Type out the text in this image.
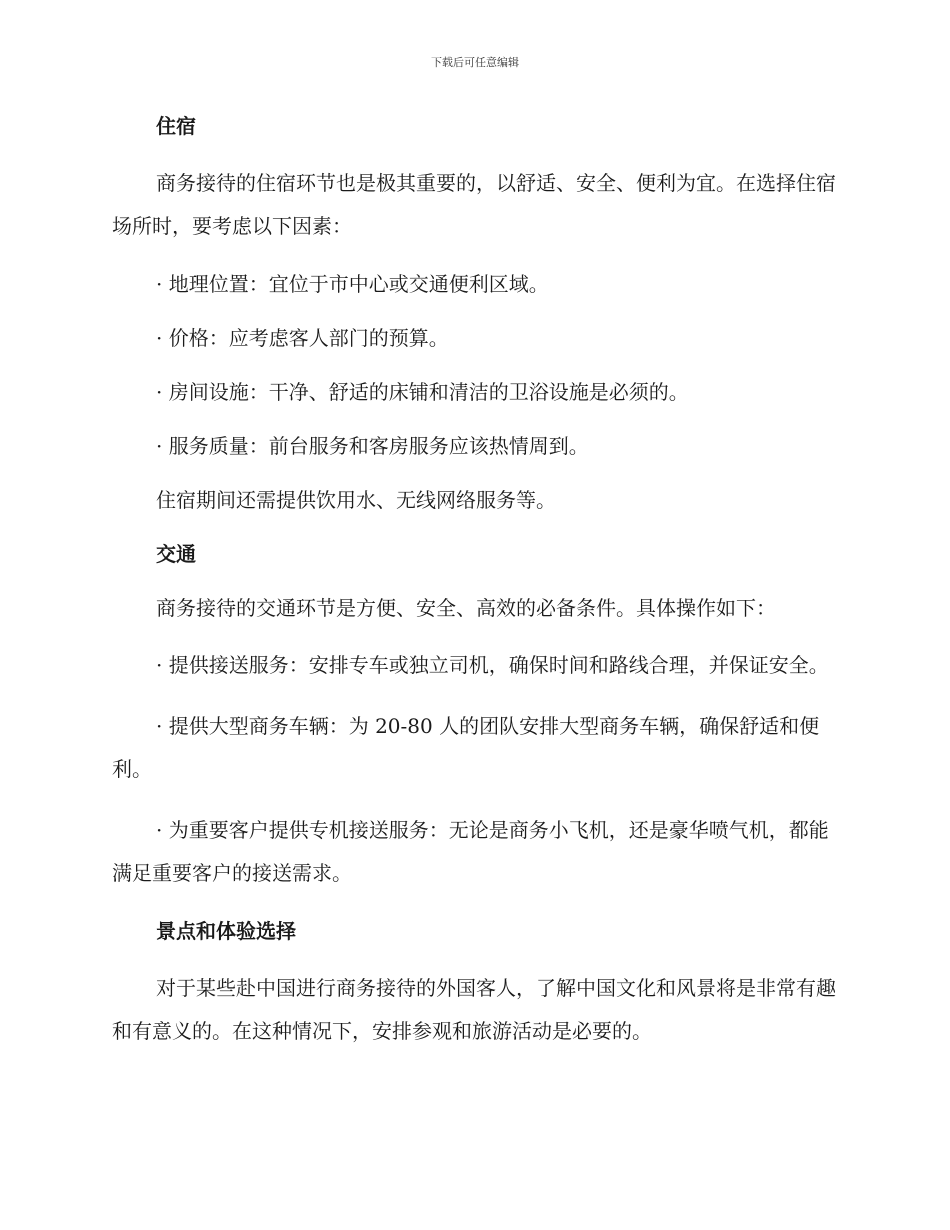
下载后可任意编辑
住宿

商务接待的住宿环节也是极其重要的，以舒适、安全、便利为宜。在选择住宿场所时，要考虑以下因素：

· 地理位置：宜位于市中心或交通便利区域。

· 价格：应考虑客人部门的预算。

· 房间设施：干净、舒适的床铺和清洁的卫浴设施是必须的。

· 服务质量：前台服务和客房服务应该热情周到。

住宿期间还需提供饮用水、无线网络服务等。

交通

商务接待的交通环节是方便、安全、高效的必备条件。具体操作如下：

· 提供接送服务：安排专车或独立司机，确保时间和路线合理，并保证安全。

· 提供大型商务车辆：为 20-80 人的团队安排大型商务车辆，确保舒适和便利。

· 为重要客户提供专机接送服务：无论是商务小飞机，还是豪华喷气机，都能满足重要客户的接送需求。

景点和体验选择

对于某些赴中国进行商务接待的外国客人，了解中国文化和风景将是非常有趣和有意义的。在这种情况下，安排参观和旅游活动是必要的。
